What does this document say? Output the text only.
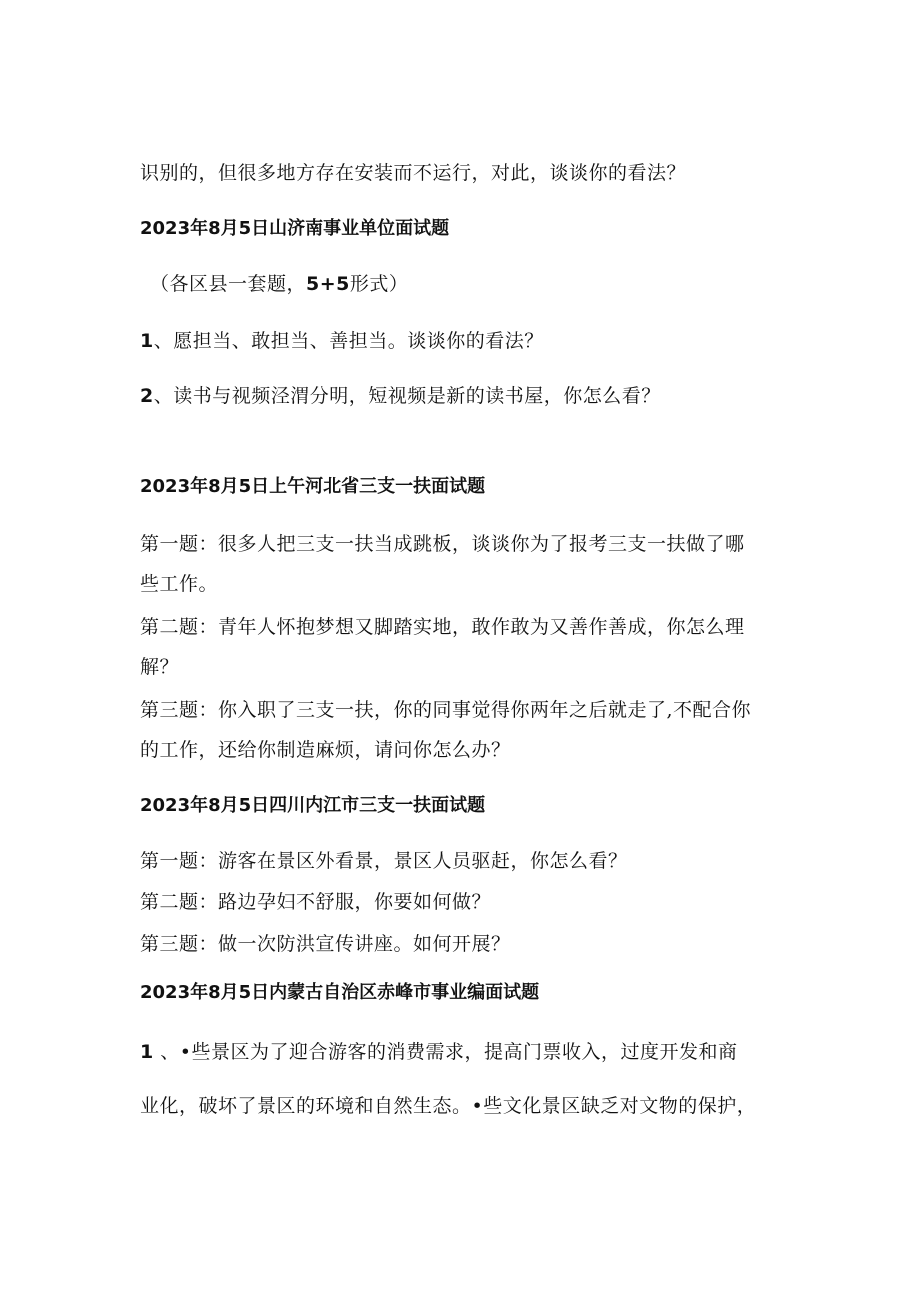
识别的，但很多地方存在安装而不运行，对此，谈谈你的看法？
2023年8月5日山济南事业单位面试题
（各区县一套题，5+5形式）
1、愿担当、敢担当、善担当。谈谈你的看法？
2、读书与视频泾渭分明，短视频是新的读书屋，你怎么看？
2023年8月5日上午河北省三支一扶面试题
第一题：很多人把三支一扶当成跳板，谈谈你为了报考三支一扶做了哪
些工作。
第二题：青年人怀抱梦想又脚踏实地，敢作敢为又善作善成，你怎么理
解？
第三题：你入职了三支一扶，你的同事觉得你两年之后就走了,不配合你
的工作，还给你制造麻烦，请问你怎么办？
2023年8月5日四川内江市三支一扶面试题
第一题：游客在景区外看景，景区人员驱赶，你怎么看？
第二题：路边孕妇不舒服，你要如何做？
第三题：做一次防洪宣传讲座。如何开展？
2023年8月5日内蒙古自治区赤峰市事业编面试题
1 、•些景区为了迎合游客的消费需求，提高门票收入，过度开发和商
业化，破坏了景区的环境和自然生态。•些文化景区缺乏对文物的保护，
